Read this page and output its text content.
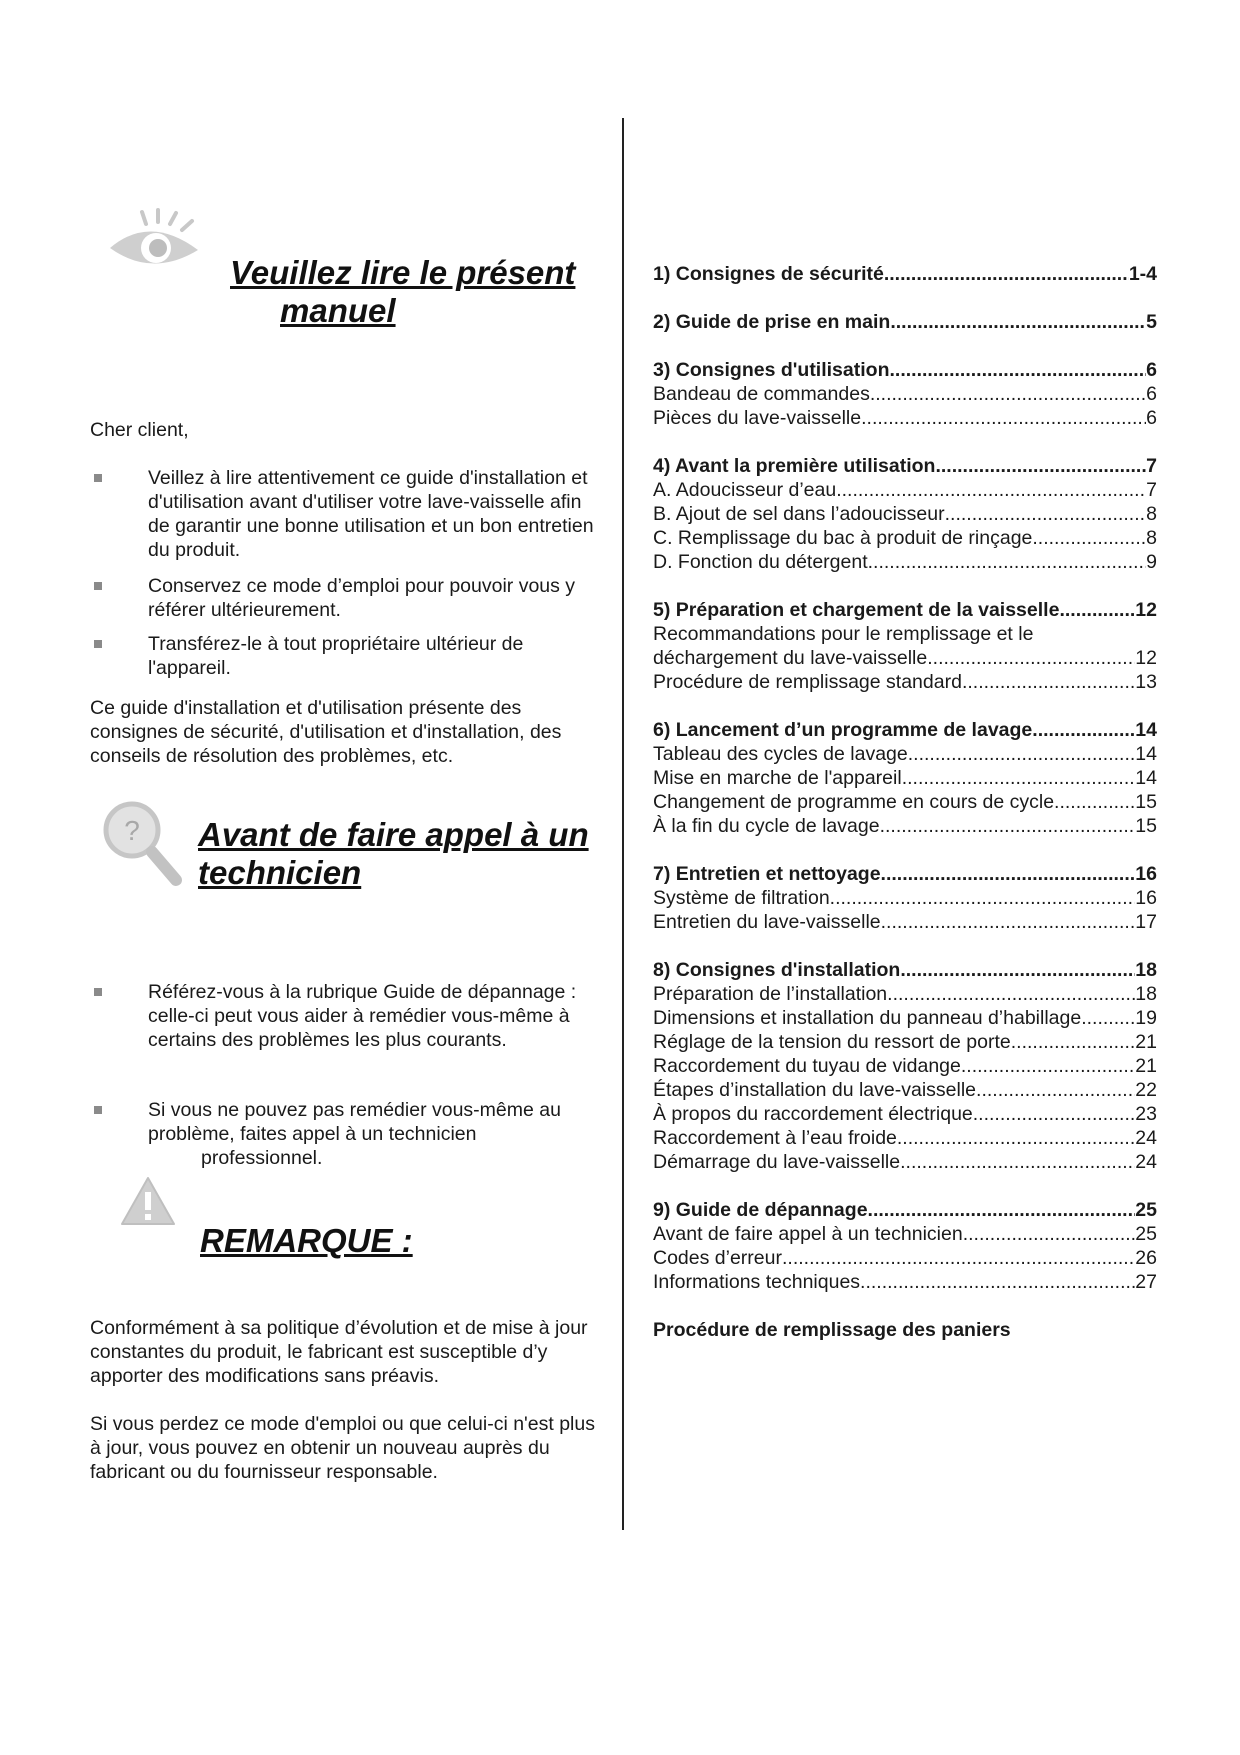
Veuillez lire le présent
manuel
Cher client,
Veillez à lire attentivement ce guide d'installation et d'utilisation avant d'utiliser votre lave-vaisselle afin de garantir une bonne utilisation et un bon entretien du produit.
Conservez ce mode d’emploi pour pouvoir vous y référer ultérieurement.
Transférez-le à tout propriétaire ultérieur de l'appareil.
Ce guide d'installation et d'utilisation présente des consignes de sécurité, d'utilisation et d'installation, des conseils de résolution des problèmes, etc.
? Avant de faire appel à un
technicien
Référez-vous à la rubrique Guide de dépannage : celle-ci peut vous aider à remédier vous-même à certains des problèmes les plus courants.
Si vous ne pouvez pas remédier vous-même au problème, faites appel à un technicien
professionnel.
REMARQUE :
Conformément à sa politique d’évolution et de mise à jour constantes du produit, le fabricant est susceptible d’y apporter des modifications sans préavis.
Si vous perdez ce mode d'emploi ou que celui-ci n'est plus à jour, vous pouvez en obtenir un nouveau auprès du fabricant ou du fournisseur responsable.
1) Consignes de sécurité .....	1-4
2) Guide de prise en main .....	5
3) Consignes d'utilisation .....	6
Bandeau de commandes .....	6
Pièces du lave-vaisselle .....	6
4) Avant la première utilisation .....	7
A. Adoucisseur d’eau .....	7
B. Ajout de sel dans l’adoucisseur .....	8
C. Remplissage du bac à produit de rinçage .....	8
D. Fonction du détergent .....	9
5) Préparation et chargement de la vaisselle .....	12
Recommandations pour le remplissage et le
déchargement du lave-vaisselle .....	12
Procédure de remplissage standard .....	13
6) Lancement d’un programme de lavage .....	14
Tableau des cycles de lavage .....	14
Mise en marche de l'appareil .....	14
Changement de programme en cours de cycle .....	15
À la fin du cycle de lavage .....	15
7) Entretien et nettoyage .....	16
Système de filtration .....	16
Entretien du lave-vaisselle .....	17
8) Consignes d'installation .....	18
Préparation de l’installation .....	18
Dimensions et installation du panneau d’habillage .....	19
Réglage de la tension du ressort de porte .....	21
Raccordement du tuyau de vidange .....	21
Étapes d’installation du lave-vaisselle .....	22
À propos du raccordement électrique .....	23
Raccordement à l’eau froide .....	24
Démarrage du lave-vaisselle .....	24
9) Guide de dépannage .....	25
Avant de faire appel à un technicien .....	25
Codes d’erreur .....	26
Informations techniques .....	27
Procédure de remplissage des paniers
